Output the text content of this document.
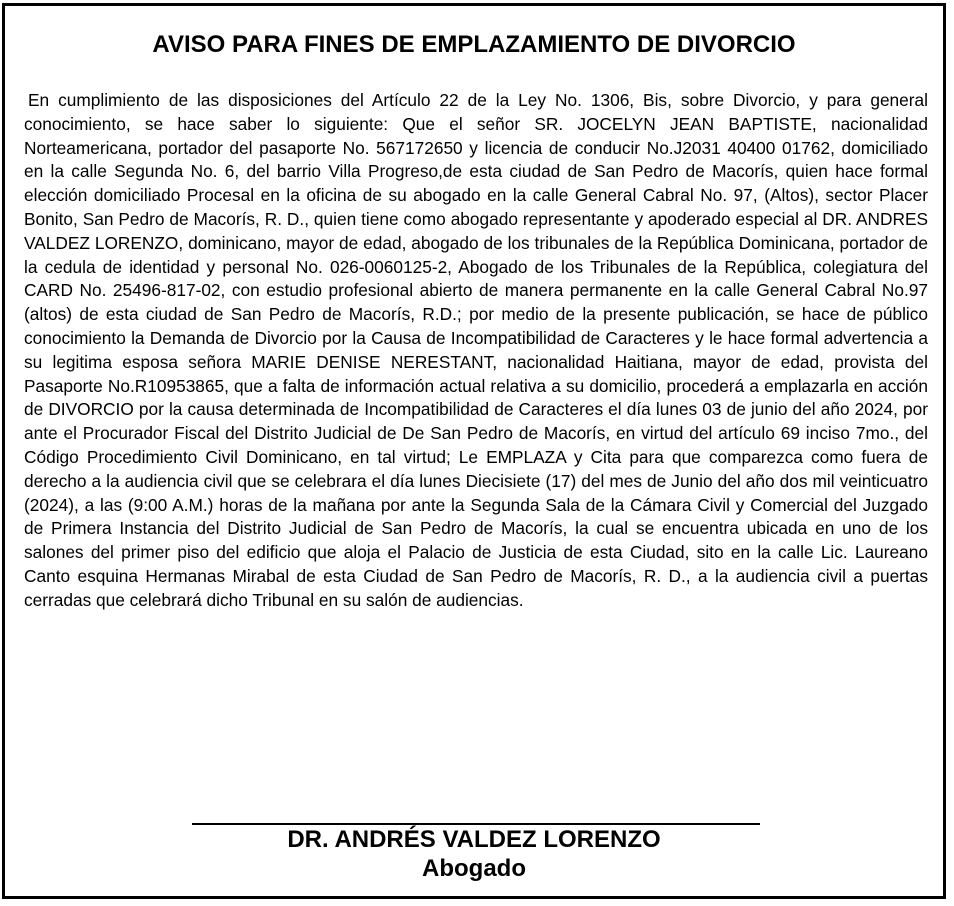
AVISO PARA FINES DE EMPLAZAMIENTO DE DIVORCIO

En cumplimiento de las disposiciones del Artículo 22 de la Ley No. 1306, Bis, sobre Divorcio, y para general conocimiento, se hace saber lo siguiente: Que el señor SR. JOCELYN JEAN BAPTISTE, nacionalidad Norteamericana, portador del pasaporte No. 567172650 y licencia de conducir No.J2031 40400 01762, domiciliado en la calle Segunda No. 6, del barrio Villa Progreso,de esta ciudad de San Pedro de Macorís, quien hace formal elección domiciliado Procesal en la oficina de su abogado en la calle General Cabral No. 97, (Altos), sector Placer Bonito, San Pedro de Macorís, R. D., quien tiene como abogado representante y apoderado especial al DR. ANDRES VALDEZ LORENZO, dominicano, mayor de edad, abogado de los tribunales de la República Dominicana, portador de la cedula de identidad y personal No. 026-0060125-2, Abogado de los Tribunales de la República, colegiatura del CARD No. 25496-817-02, con estudio profesional abierto de manera permanente en la calle General Cabral No.97 (altos) de esta ciudad de San Pedro de Macorís, R.D.; por medio de la presente publicación, se hace de público conocimiento la Demanda de Divorcio por la Causa de Incompatibilidad de Caracteres y le hace formal advertencia a su legitima esposa señora MARIE DENISE NERESTANT, nacionalidad Haitiana, mayor de edad, provista del Pasaporte No.R10953865, que a falta de información actual relativa a su domicilio, procederá a emplazarla en acción de DIVORCIO por la causa determinada de Incompatibilidad de Caracteres el día lunes 03 de junio del año 2024, por ante el Procurador Fiscal del Distrito Judicial de De San Pedro de Macorís, en virtud del artículo 69 inciso 7mo., del Código Procedimiento Civil Dominicano, en tal virtud; Le EMPLAZA y Cita para que comparezca como fuera de derecho a la audiencia civil que se celebrara el día lunes Diecisiete (17) del mes de Junio del año dos mil veinticuatro (2024), a las (9:00 A.M.) horas de la mañana por ante la Segunda Sala de la Cámara Civil y Comercial del Juzgado de Primera Instancia del Distrito Judicial de San Pedro de Macorís, la cual se encuentra ubicada en uno de los salones del primer piso del edificio que aloja el Palacio de Justicia de esta Ciudad, sito en la calle Lic. Laureano Canto esquina Hermanas Mirabal de esta Ciudad de San Pedro de Macorís, R. D., a la audiencia civil a puertas cerradas que celebrará dicho Tribunal en su salón de audiencias.

DR. ANDRÉS VALDEZ LORENZO
Abogado
